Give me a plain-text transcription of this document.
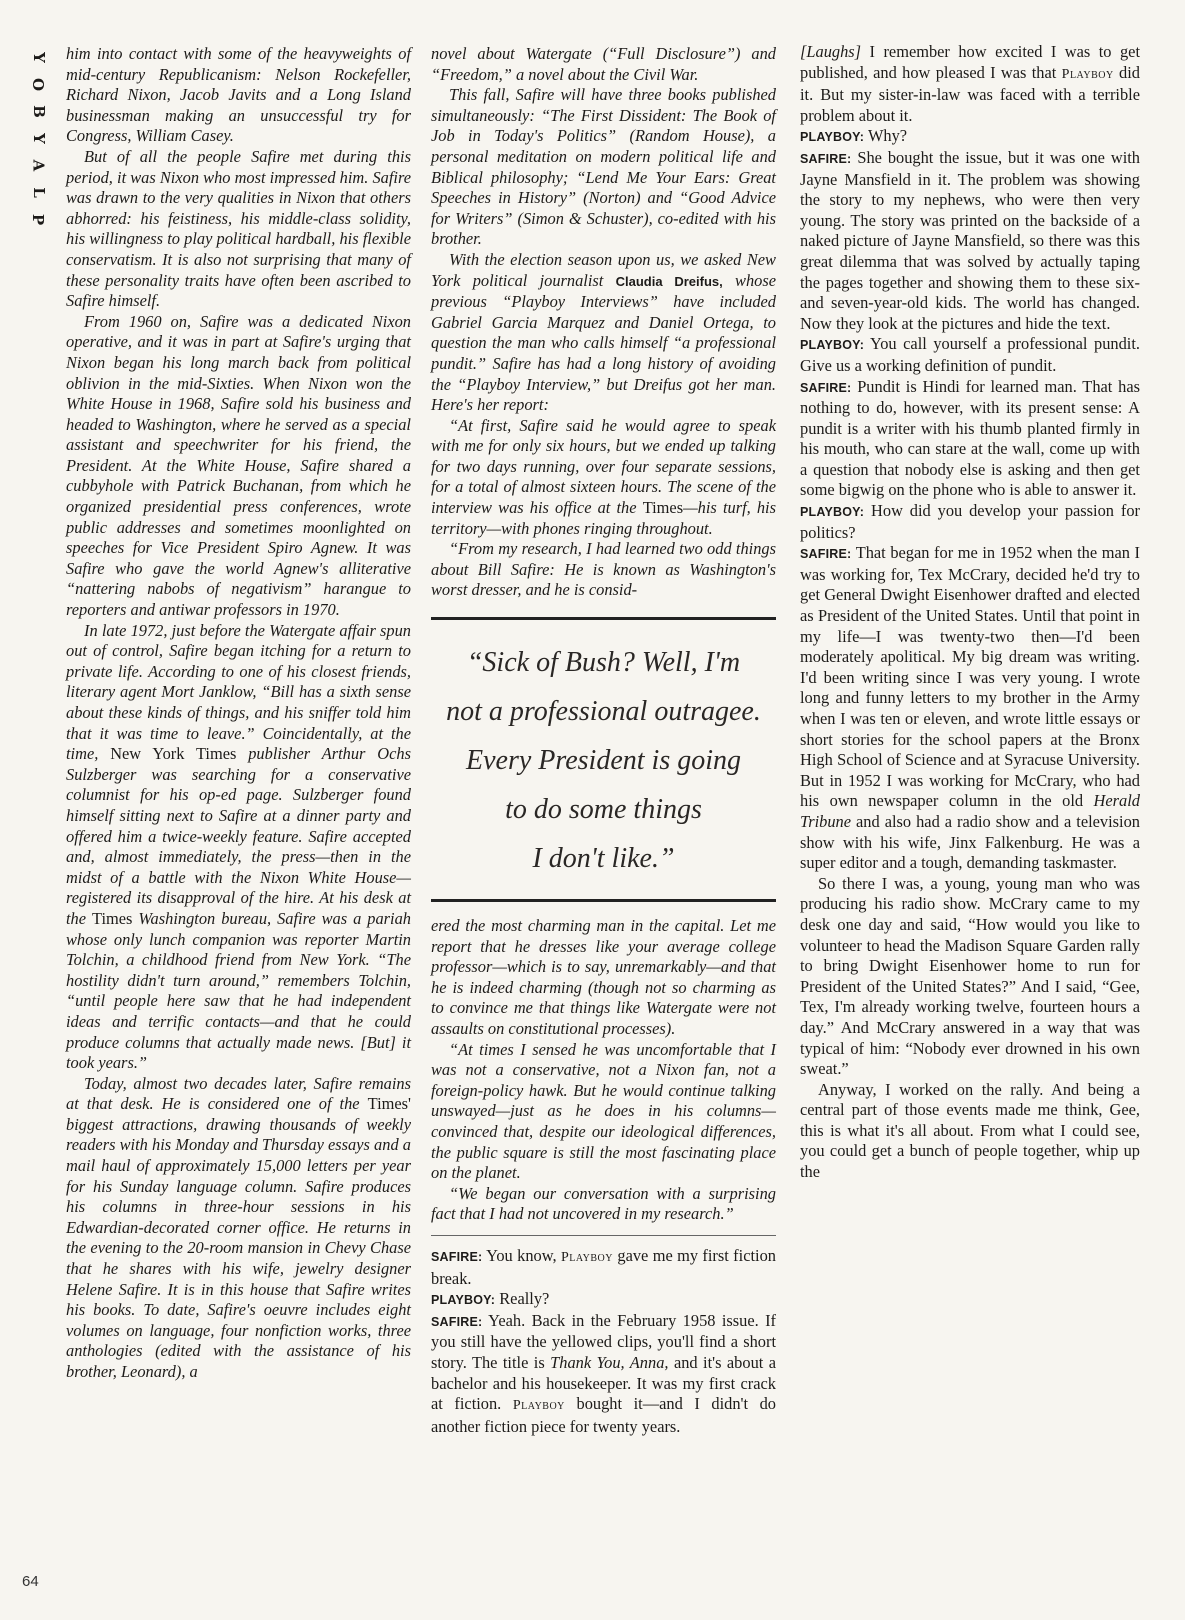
Y
O
B
Y
A
L
P
64

him into contact with some of the heavyweights of mid-century Republicanism: Nelson Rockefeller, Richard Nixon, Jacob Javits and a Long Island businessman making an unsuccessful try for Congress, William Casey.

But of all the people Safire met during this period, it was Nixon who most impressed him. Safire was drawn to the very qualities in Nixon that others abhorred: his feistiness, his middle-class solidity, his willingness to play political hardball, his flexible conservatism. It is also not surprising that many of these personality traits have often been ascribed to Safire himself.

From 1960 on, Safire was a dedicated Nixon operative, and it was in part at Safire's urging that Nixon began his long march back from political oblivion in the mid-Sixties. When Nixon won the White House in 1968, Safire sold his business and headed to Washington, where he served as a special assistant and speechwriter for his friend, the President. At the White House, Safire shared a cubbyhole with Patrick Buchanan, from which he organized presidential press conferences, wrote public addresses and sometimes moonlighted on speeches for Vice President Spiro Agnew. It was Safire who gave the world Agnew's alliterative “nattering nabobs of negativism” harangue to reporters and antiwar professors in 1970.

In late 1972, just before the Watergate affair spun out of control, Safire began itching for a return to private life. According to one of his closest friends, literary agent Mort Janklow, “Bill has a sixth sense about these kinds of things, and his sniffer told him that it was time to leave.” Coincidentally, at the time, New York Times publisher Arthur Ochs Sulzberger was searching for a conservative columnist for his op-ed page. Sulzberger found himself sitting next to Safire at a dinner party and offered him a twice-weekly feature. Safire accepted and, almost immediately, the press—then in the midst of a battle with the Nixon White House—registered its disapproval of the hire. At his desk at the Times Washington bureau, Safire was a pariah whose only lunch companion was reporter Martin Tolchin, a childhood friend from New York. “The hostility didn't turn around,” remembers Tolchin, “until people here saw that he had independent ideas and terrific contacts—and that he could produce columns that actually made news. [But] it took years.”

Today, almost two decades later, Safire remains at that desk. He is considered one of the Times' biggest attractions, drawing thousands of weekly readers with his Monday and Thursday essays and a mail haul of approximately 15,000 letters per year for his Sunday language column. Safire produces his columns in three-hour sessions in his Edwardian-decorated corner office. He returns in the evening to the 20-room mansion in Chevy Chase that he shares with his wife, jewelry designer Helene Safire. It is in this house that Safire writes his books. To date, Safire's oeuvre includes eight volumes on language, four nonfiction works, three anthologies (edited with the assistance of his brother, Leonard), a

novel about Watergate (“Full Disclosure”) and “Freedom,” a novel about the Civil War.

This fall, Safire will have three books published simultaneously: “The First Dissident: The Book of Job in Today's Politics” (Random House), a personal meditation on modern political life and Biblical philosophy; “Lend Me Your Ears: Great Speeches in History” (Norton) and “Good Advice for Writers” (Simon & Schuster), co-edited with his brother.

With the election season upon us, we asked New York political journalist Claudia Dreifus, whose previous “Playboy Interviews” have included Gabriel Garcia Marquez and Daniel Ortega, to question the man who calls himself “a professional pundit.” Safire has had a long history of avoiding the “Playboy Interview,” but Dreifus got her man. Here's her report:

“At first, Safire said he would agree to speak with me for only six hours, but we ended up talking for two days running, over four separate sessions, for a total of almost sixteen hours. The scene of the interview was his office at the Times—his turf, his territory—with phones ringing throughout.

“From my research, I had learned two odd things about Bill Safire: He is known as Washington's worst dresser, and he is consid-

“Sick of Bush? Well, I'm

not a professional outragee.

Every President is going

to do some things

I don't like.”

ered the most charming man in the capital. Let me report that he dresses like your average college professor—which is to say, unremarkably—and that he is indeed charming (though not so charming as to convince me that things like Watergate were not assaults on constitutional processes).

“At times I sensed he was uncomfortable that I was not a conservative, not a Nixon fan, not a foreign-policy hawk. But he would continue talking unswayed—just as he does in his columns—convinced that, despite our ideological differences, the public square is still the most fascinating place on the planet.

“We began our conversation with a surprising fact that I had not uncovered in my research.”

SAFIRE: You know, Playboy gave me my first fiction break.

PLAYBOY: Really?

SAFIRE: Yeah. Back in the February 1958 issue. If you still have the yellowed clips, you'll find a short story. The title is Thank You, Anna, and it's about a bachelor and his housekeeper. It was my first crack at fiction. Playboy bought it—and I didn't do another fiction piece for twenty years.

[Laughs] I remember how excited I was to get published, and how pleased I was that Playboy did it. But my sister-in-law was faced with a terrible problem about it.

PLAYBOY: Why?

SAFIRE: She bought the issue, but it was one with Jayne Mansfield in it. The problem was showing the story to my nephews, who were then very young. The story was printed on the backside of a naked picture of Jayne Mansfield, so there was this great dilemma that was solved by actually taping the pages together and showing them to these six- and seven-year-old kids. The world has changed. Now they look at the pictures and hide the text.

PLAYBOY: You call yourself a professional pundit. Give us a working definition of pundit.

SAFIRE: Pundit is Hindi for learned man. That has nothing to do, however, with its present sense: A pundit is a writer with his thumb planted firmly in his mouth, who can stare at the wall, come up with a question that nobody else is asking and then get some bigwig on the phone who is able to answer it.

PLAYBOY: How did you develop your passion for politics?

SAFIRE: That began for me in 1952 when the man I was working for, Tex McCrary, decided he'd try to get General Dwight Eisenhower drafted and elected as President of the United States. Until that point in my life—I was twenty-two then—I'd been moderately apolitical. My big dream was writing. I'd been writing since I was very young. I wrote long and funny letters to my brother in the Army when I was ten or eleven, and wrote little essays or short stories for the school papers at the Bronx High School of Science and at Syracuse University. But in 1952 I was working for McCrary, who had his own newspaper column in the old Herald Tribune and also had a radio show and a television show with his wife, Jinx Falkenburg. He was a super editor and a tough, demanding taskmaster.

So there I was, a young, young man who was producing his radio show. McCrary came to my desk one day and said, “How would you like to volunteer to head the Madison Square Garden rally to bring Dwight Eisenhower home to run for President of the United States?” And I said, “Gee, Tex, I'm already working twelve, fourteen hours a day.” And McCrary answered in a way that was typical of him: “Nobody ever drowned in his own sweat.”

Anyway, I worked on the rally. And being a central part of those events made me think, Gee, this is what it's all about. From what I could see, you could get a bunch of people together, whip up the
